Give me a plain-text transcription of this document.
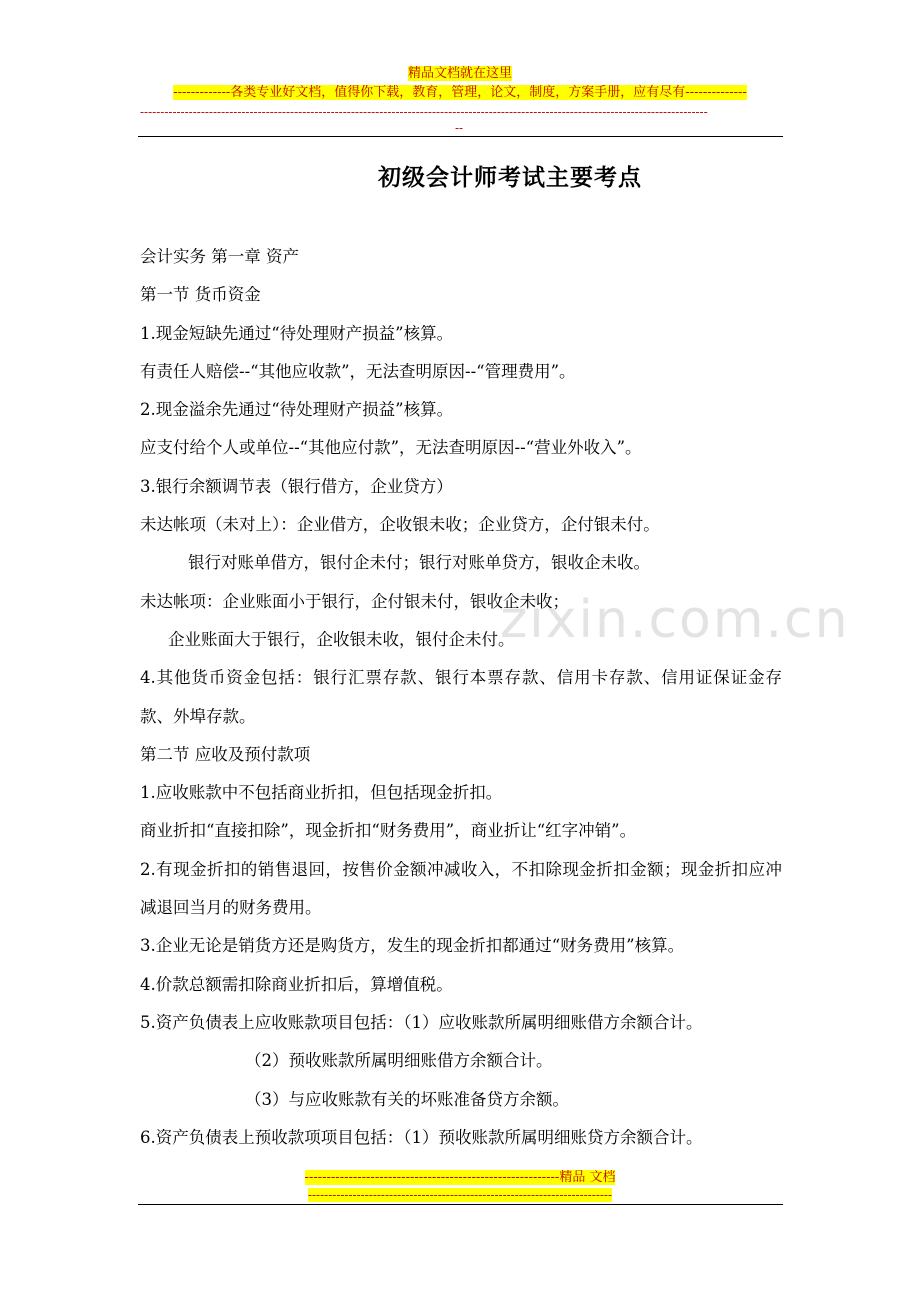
精品文档就在这里
-------------各类专业好文档，值得你下载，教育，管理，论文，制度，方案手册，应有尽有--------------
--------------------------------------------------------------------------------------------------------------------------------------------
--
zixin.com.cn
初级会计师考试主要考点
会计实务 第一章 资产
第一节 货币资金
1.现金短缺先通过“待处理财产损益”核算。
有责任人赔偿--“其他应收款”，无法查明原因--“管理费用”。
2.现金溢余先通过“待处理财产损益”核算。
应支付给个人或单位--“其他应付款”，无法查明原因--“营业外收入”。
3.银行余额调节表（银行借方，企业贷方）
未达帐项（未对上）：企业借方，企收银未收；企业贷方，企付银未付。
银行对账单借方，银付企未付；银行对账单贷方，银收企未收。
未达帐项：企业账面小于银行，企付银未付，银收企未收；
企业账面大于银行，企收银未收，银付企未付。
4.其他货币资金包括：银行汇票存款、银行本票存款、信用卡存款、信用证保证金存款、外埠存款。
第二节 应收及预付款项
1.应收账款中不包括商业折扣，但包括现金折扣。
商业折扣“直接扣除”，现金折扣“财务费用”，商业折让“红字冲销”。
2.有现金折扣的销售退回，按售价金额冲减收入，不扣除现金折扣金额；现金折扣应冲减退回当月的财务费用。
3.企业无论是销货方还是购货方，发生的现金折扣都通过“财务费用”核算。
4.价款总额需扣除商业折扣后，算增值税。
5.资产负债表上应收账款项目包括：（1）应收账款所属明细账借方余额合计。
（2）预收账款所属明细账借方余额合计。
（3）与应收账款有关的坏账准备贷方余额。
6.资产负债表上预收款项项目包括：（1）预收账款所属明细账贷方余额合计。
----------------------------------------------------------精品 文档
---------------------------------------------------------------------------
